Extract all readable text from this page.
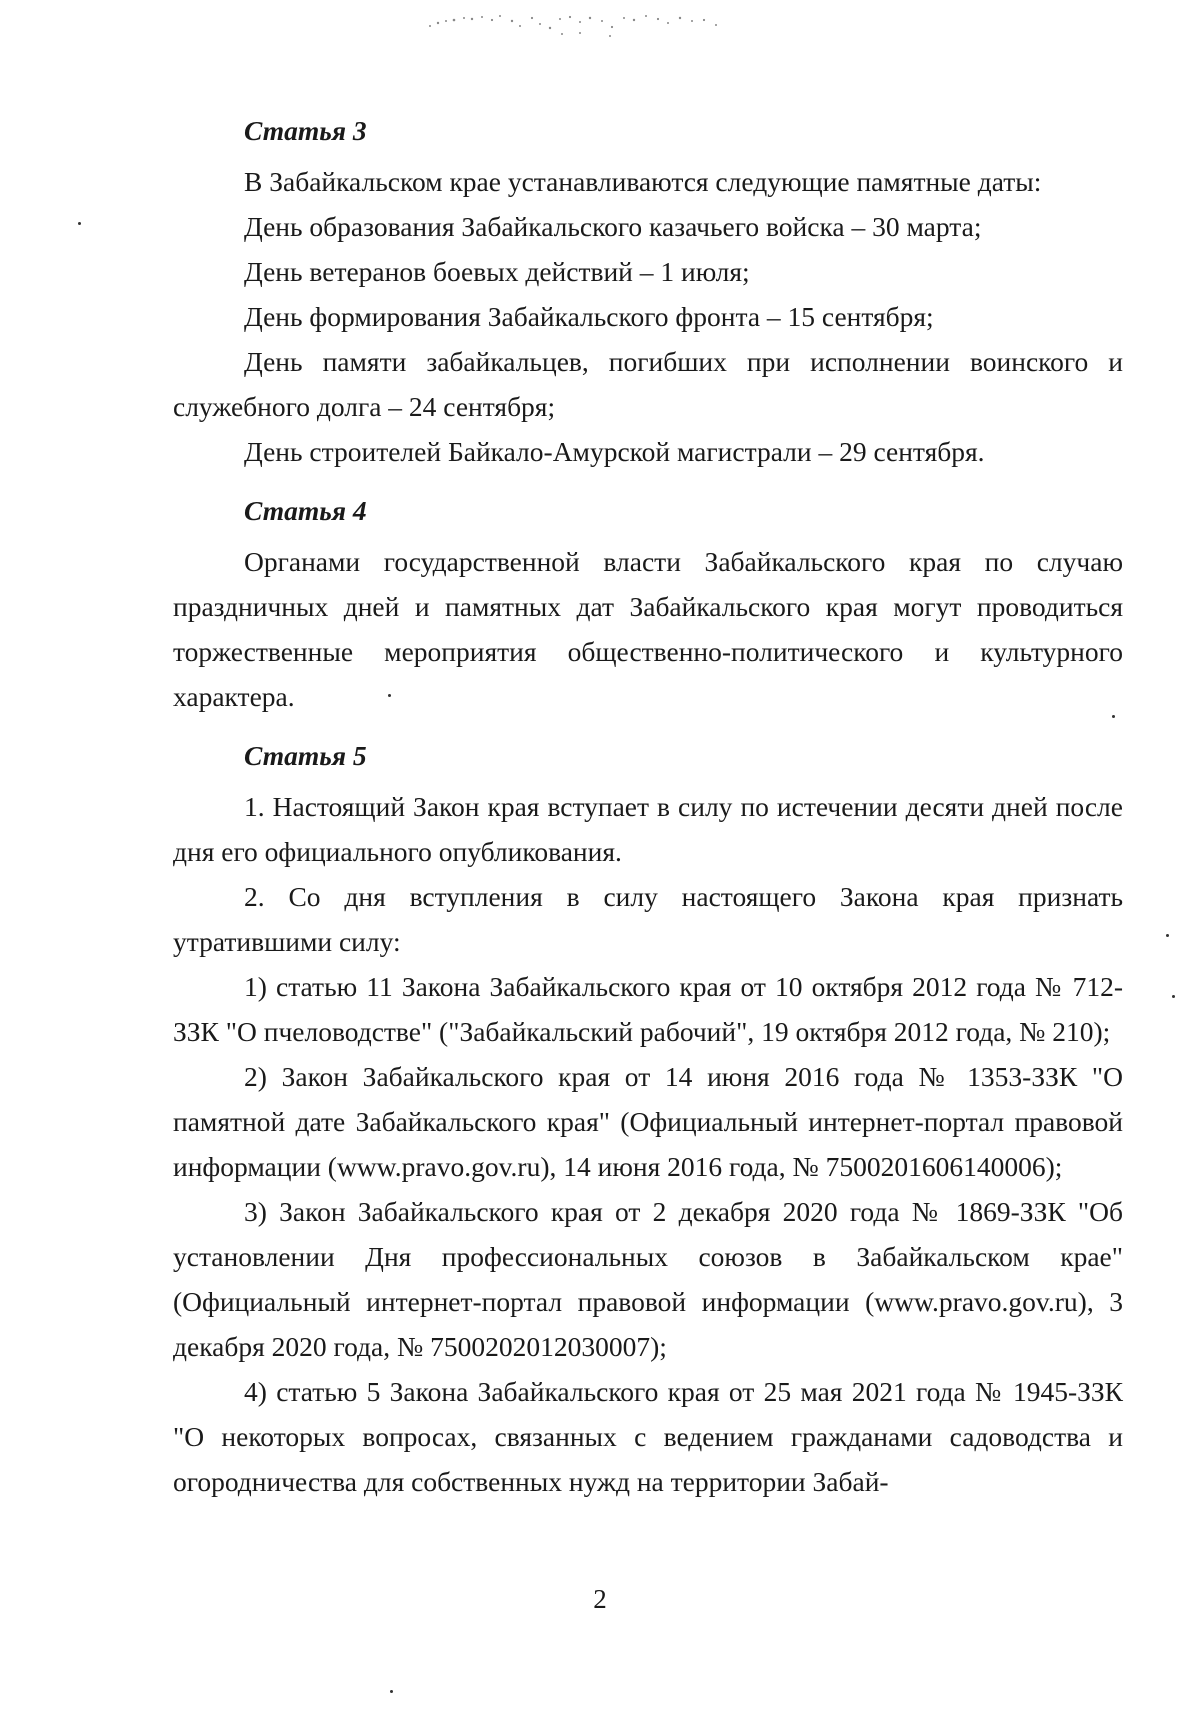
Статья 3

В Забайкальском крае устанавливаются следующие памятные даты:

День образования Забайкальского казачьего войска – 30 марта;

День ветеранов боевых действий – 1 июля;

День формирования Забайкальского фронта – 15 сентября;

День памяти забайкальцев, погибших при исполнении воинского и служебного долга – 24 сентября;

День строителей Байкало-Амурской магистрали – 29 сентября.

Статья 4

Органами государственной власти Забайкальского края по случаю праздничных дней и памятных дат Забайкальского края могут проводиться торжественные мероприятия общественно-политического и культурного характера.

Статья 5

1. Настоящий Закон края вступает в силу по истечении десяти дней после дня его официального опубликования.

2. Со дня вступления в силу настоящего Закона края признать утратившими силу:

1) статью 11 Закона Забайкальского края от 10 октября 2012 года № 712-ЗЗК "О пчеловодстве" ("Забайкальский рабочий", 19 октября 2012 года, № 210);

2) Закон Забайкальского края от 14 июня 2016 года № 1353-ЗЗК "О памятной дате Забайкальского края" (Официальный интернет-портал правовой информации (www.pravo.gov.ru), 14 июня 2016 года, № 7500201606140006);

3) Закон Забайкальского края от 2 декабря 2020 года № 1869-ЗЗК "Об установлении Дня профессиональных союзов в Забайкальском крае" (Официальный интернет-портал правовой информации (www.pravo.gov.ru), 3 декабря 2020 года, № 7500202012030007);

4) статью 5 Закона Забайкальского края от 25 мая 2021 года № 1945-ЗЗК "О некоторых вопросах, связанных с ведением гражданами садоводства и огородничества для собственных нужд на территории Забай-

2
